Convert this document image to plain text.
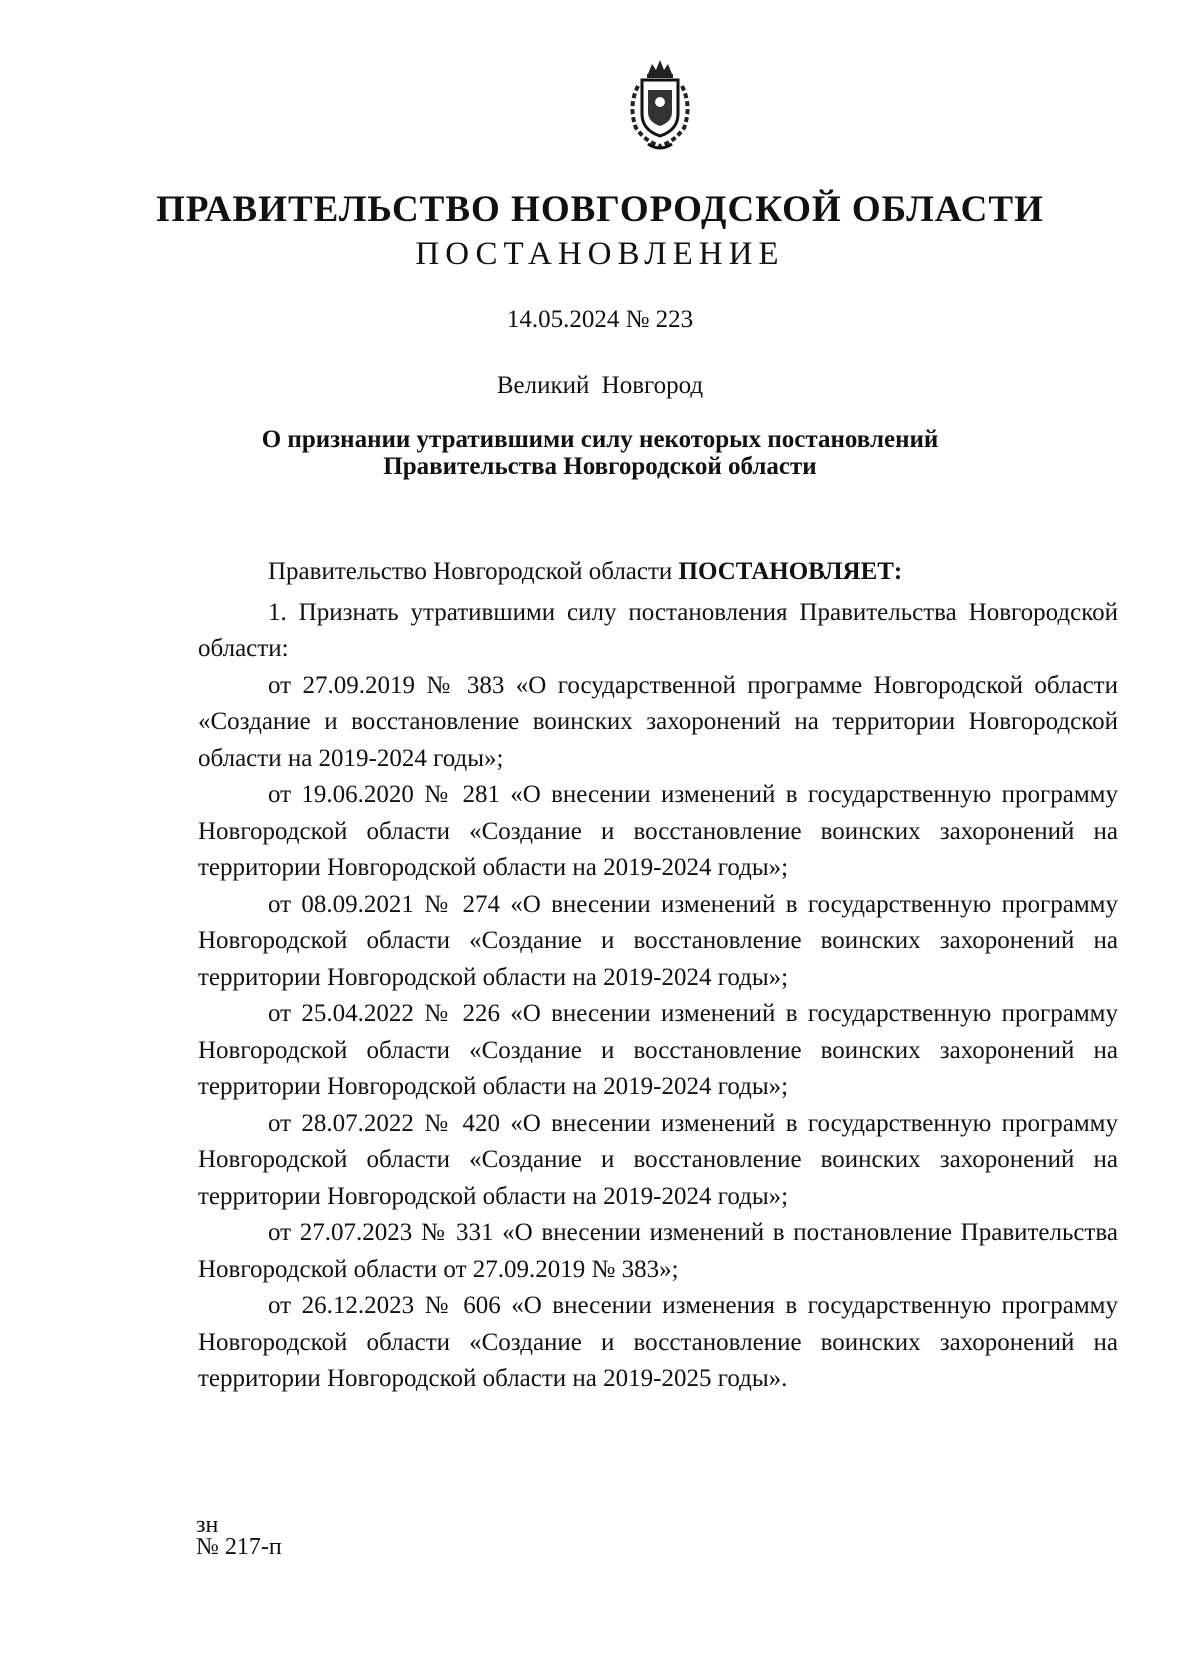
ПРАВИТЕЛЬСТВО НОВГОРОДСКОЙ ОБЛАСТИ
ПОСТАНОВЛЕНИЕ
14.05.2024 № 223
Великий Новгород
О признании утратившими силу некоторых постановлений
Правительства Новгородской области

Правительство Новгородской области ПОСТАНОВЛЯЕТ:

1. Признать утратившими силу постановления Правительства Новгородской области:

от 27.09.2019 № 383 «О государственной программе Новгородской области «Создание и восстановление воинских захоронений на территории Новгородской области на 2019-2024 годы»;

от 19.06.2020 № 281 «О внесении изменений в государственную программу Новгородской области «Создание и восстановление воинских захоронений на территории Новгородской области на 2019-2024 годы»;

от 08.09.2021 № 274 «О внесении изменений в государственную программу Новгородской области «Создание и восстановление воинских захоронений на территории Новгородской области на 2019-2024 годы»;

от 25.04.2022 № 226 «О внесении изменений в государственную программу Новгородской области «Создание и восстановление воинских захоронений на территории Новгородской области на 2019-2024 годы»;

от 28.07.2022 № 420 «О внесении изменений в государственную программу Новгородской области «Создание и восстановление воинских захоронений на территории Новгородской области на 2019-2024 годы»;

от 27.07.2023 № 331 «О внесении изменений в постановление Правительства Новгородской области от 27.09.2019 № 383»;

от 26.12.2023 № 606 «О внесении изменения в государственную программу Новгородской области «Создание и восстановление воинских захоронений на территории Новгородской области на 2019-2025 годы».

зн
№ 217-п
